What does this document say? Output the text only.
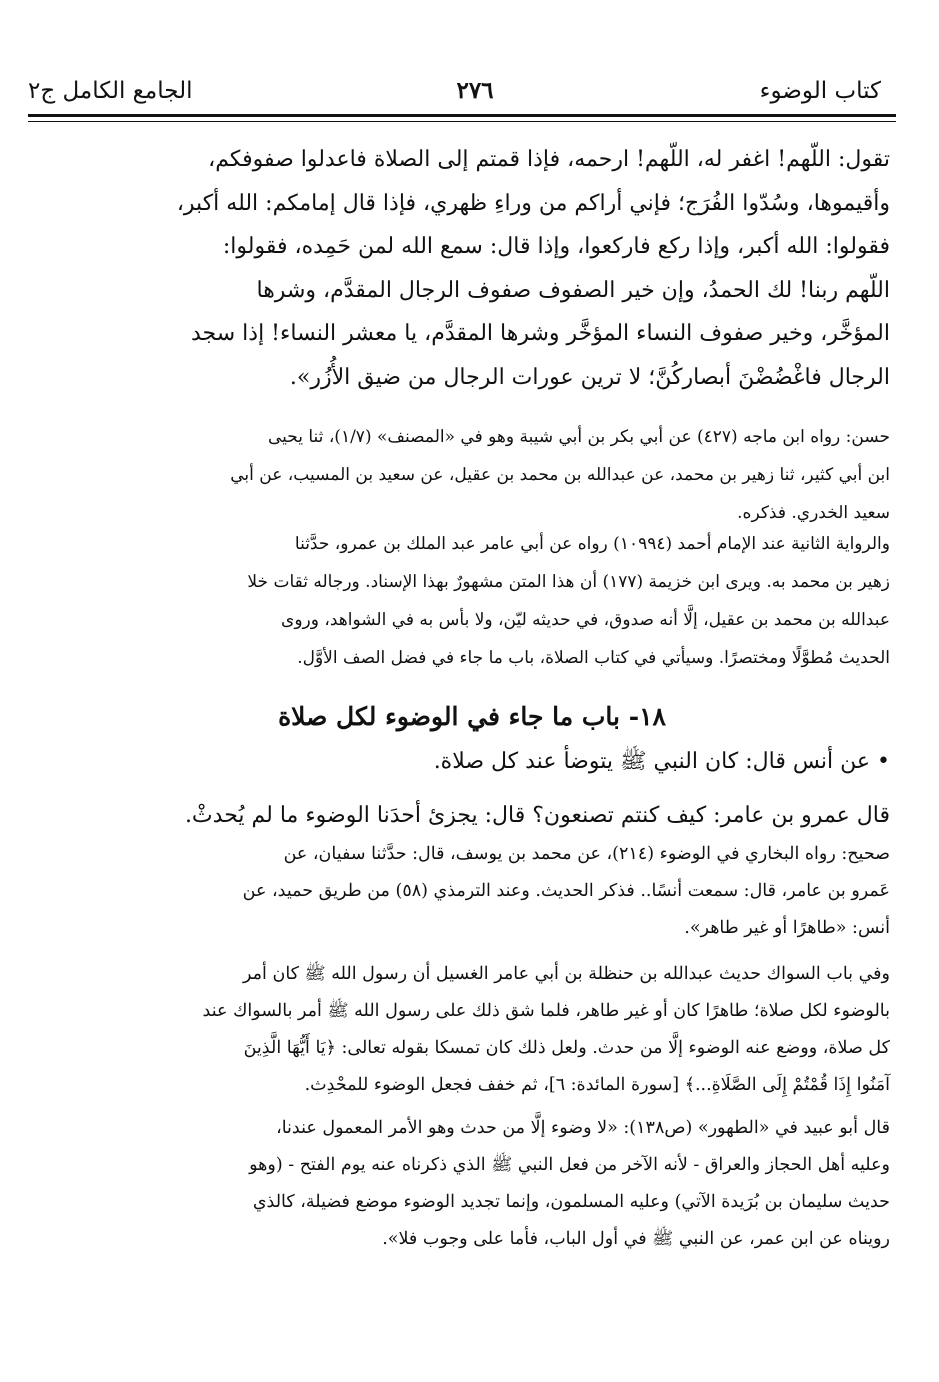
كتاب الوضوء
٢٧٦
الجامع الكامل ج٢

تقول: اللّهم! اغفر له، اللّهم! ارحمه، فإذا قمتم إلى الصلاة فاعدلوا صفوفكم،

وأقيموها، وسُدّوا الفُرَج؛ فإني أراكم من وراءِ ظهري، فإذا قال إمامكم: الله أكبر،

فقولوا: الله أكبر، وإذا ركع فاركعوا، وإذا قال: سمع الله لمن حَمِده، فقولوا:

اللّهم ربنا! لك الحمدُ، وإن خير الصفوف صفوف الرجال المقدَّم، وشرها

المؤخَّر، وخير صفوف النساء المؤخَّر وشرها المقدَّم، يا معشر النساء! إذا سجد

الرجال فاغْضُضْنَ أبصاركُنَّ؛ لا ترين عورات الرجال من ضيق الأُزُر».

حسن: رواه ابن ماجه (٤٢٧) عن أبي بكر بن أبي شيبة وهو في «المصنف» (١/٧)، ثنا يحيى

ابن أبي كثير، ثنا زهير بن محمد، عن عبدالله بن محمد بن عقيل، عن سعيد بن المسيب، عن أبي

سعيد الخدري. فذكره.

والرواية الثانية عند الإمام أحمد (١٠٩٩٤) رواه عن أبي عامر عبد الملك بن عمرو، حدَّثنا

زهير بن محمد به. ويرى ابن خزيمة (١٧٧) أن هذا المتن مشهورٌ بهذا الإسناد. ورجاله ثقات خلا

عبدالله بن محمد بن عقيل، إلَّا أنه صدوق، في حديثه ليّن، ولا بأس به في الشواهد، وروى

الحديث مُطوَّلًا ومختصرًا. وسيأتي في كتاب الصلاة، باب ما جاء في فضل الصف الأوَّل.

١٨- باب ما جاء في الوضوء لكل صلاة

• عن أنس قال: كان النبي ﷺ يتوضأ عند كل صلاة.

قال عمرو بن عامر: كيف كنتم تصنعون؟ قال: يجزئ أحدَنا الوضوء ما لم يُحدثْ.

صحيح: رواه البخاري في الوضوء (٢١٤)، عن محمد بن يوسف، قال: حدَّثنا سفيان، عن

عَمرو بن عامر، قال: سمعت أنسًا.. فذكر الحديث. وعند الترمذي (٥٨) من طريق حميد، عن

أنس: «طاهرًا أو غير طاهر».

وفي باب السواك حديث عبدالله بن حنظلة بن أبي عامر الغسيل أن رسول الله ﷺ كان أمر

بالوضوء لكل صلاة؛ طاهرًا كان أو غير طاهر، فلما شق ذلك على رسول الله ﷺ أمر بالسواك عند

كل صلاة، ووضع عنه الوضوء إلَّا من حدث. ولعل ذلك كان تمسكا بقوله تعالى: ﴿يَا أَيُّهَا الَّذِينَ

آمَنُوا إِذَا قُمْتُمْ إِلَى الصَّلَاةِ...﴾ [سورة المائدة: ٦]، ثم خفف فجعل الوضوء للمحْدِث.

قال أبو عبيد في «الطهور» (ص١٣٨): «لا وضوء إلَّا من حدث وهو الأمر المعمول عندنا،

وعليه أهل الحجاز والعراق - لأنه الآخر من فعل النبي ﷺ الذي ذكرناه عنه يوم الفتح - (وهو

حديث سليمان بن بُرَيدة الآتي) وعليه المسلمون، وإنما تجديد الوضوء موضع فضيلة، كالذي

رويناه عن ابن عمر، عن النبي ﷺ في أول الباب، فأما على وجوب فلا».
